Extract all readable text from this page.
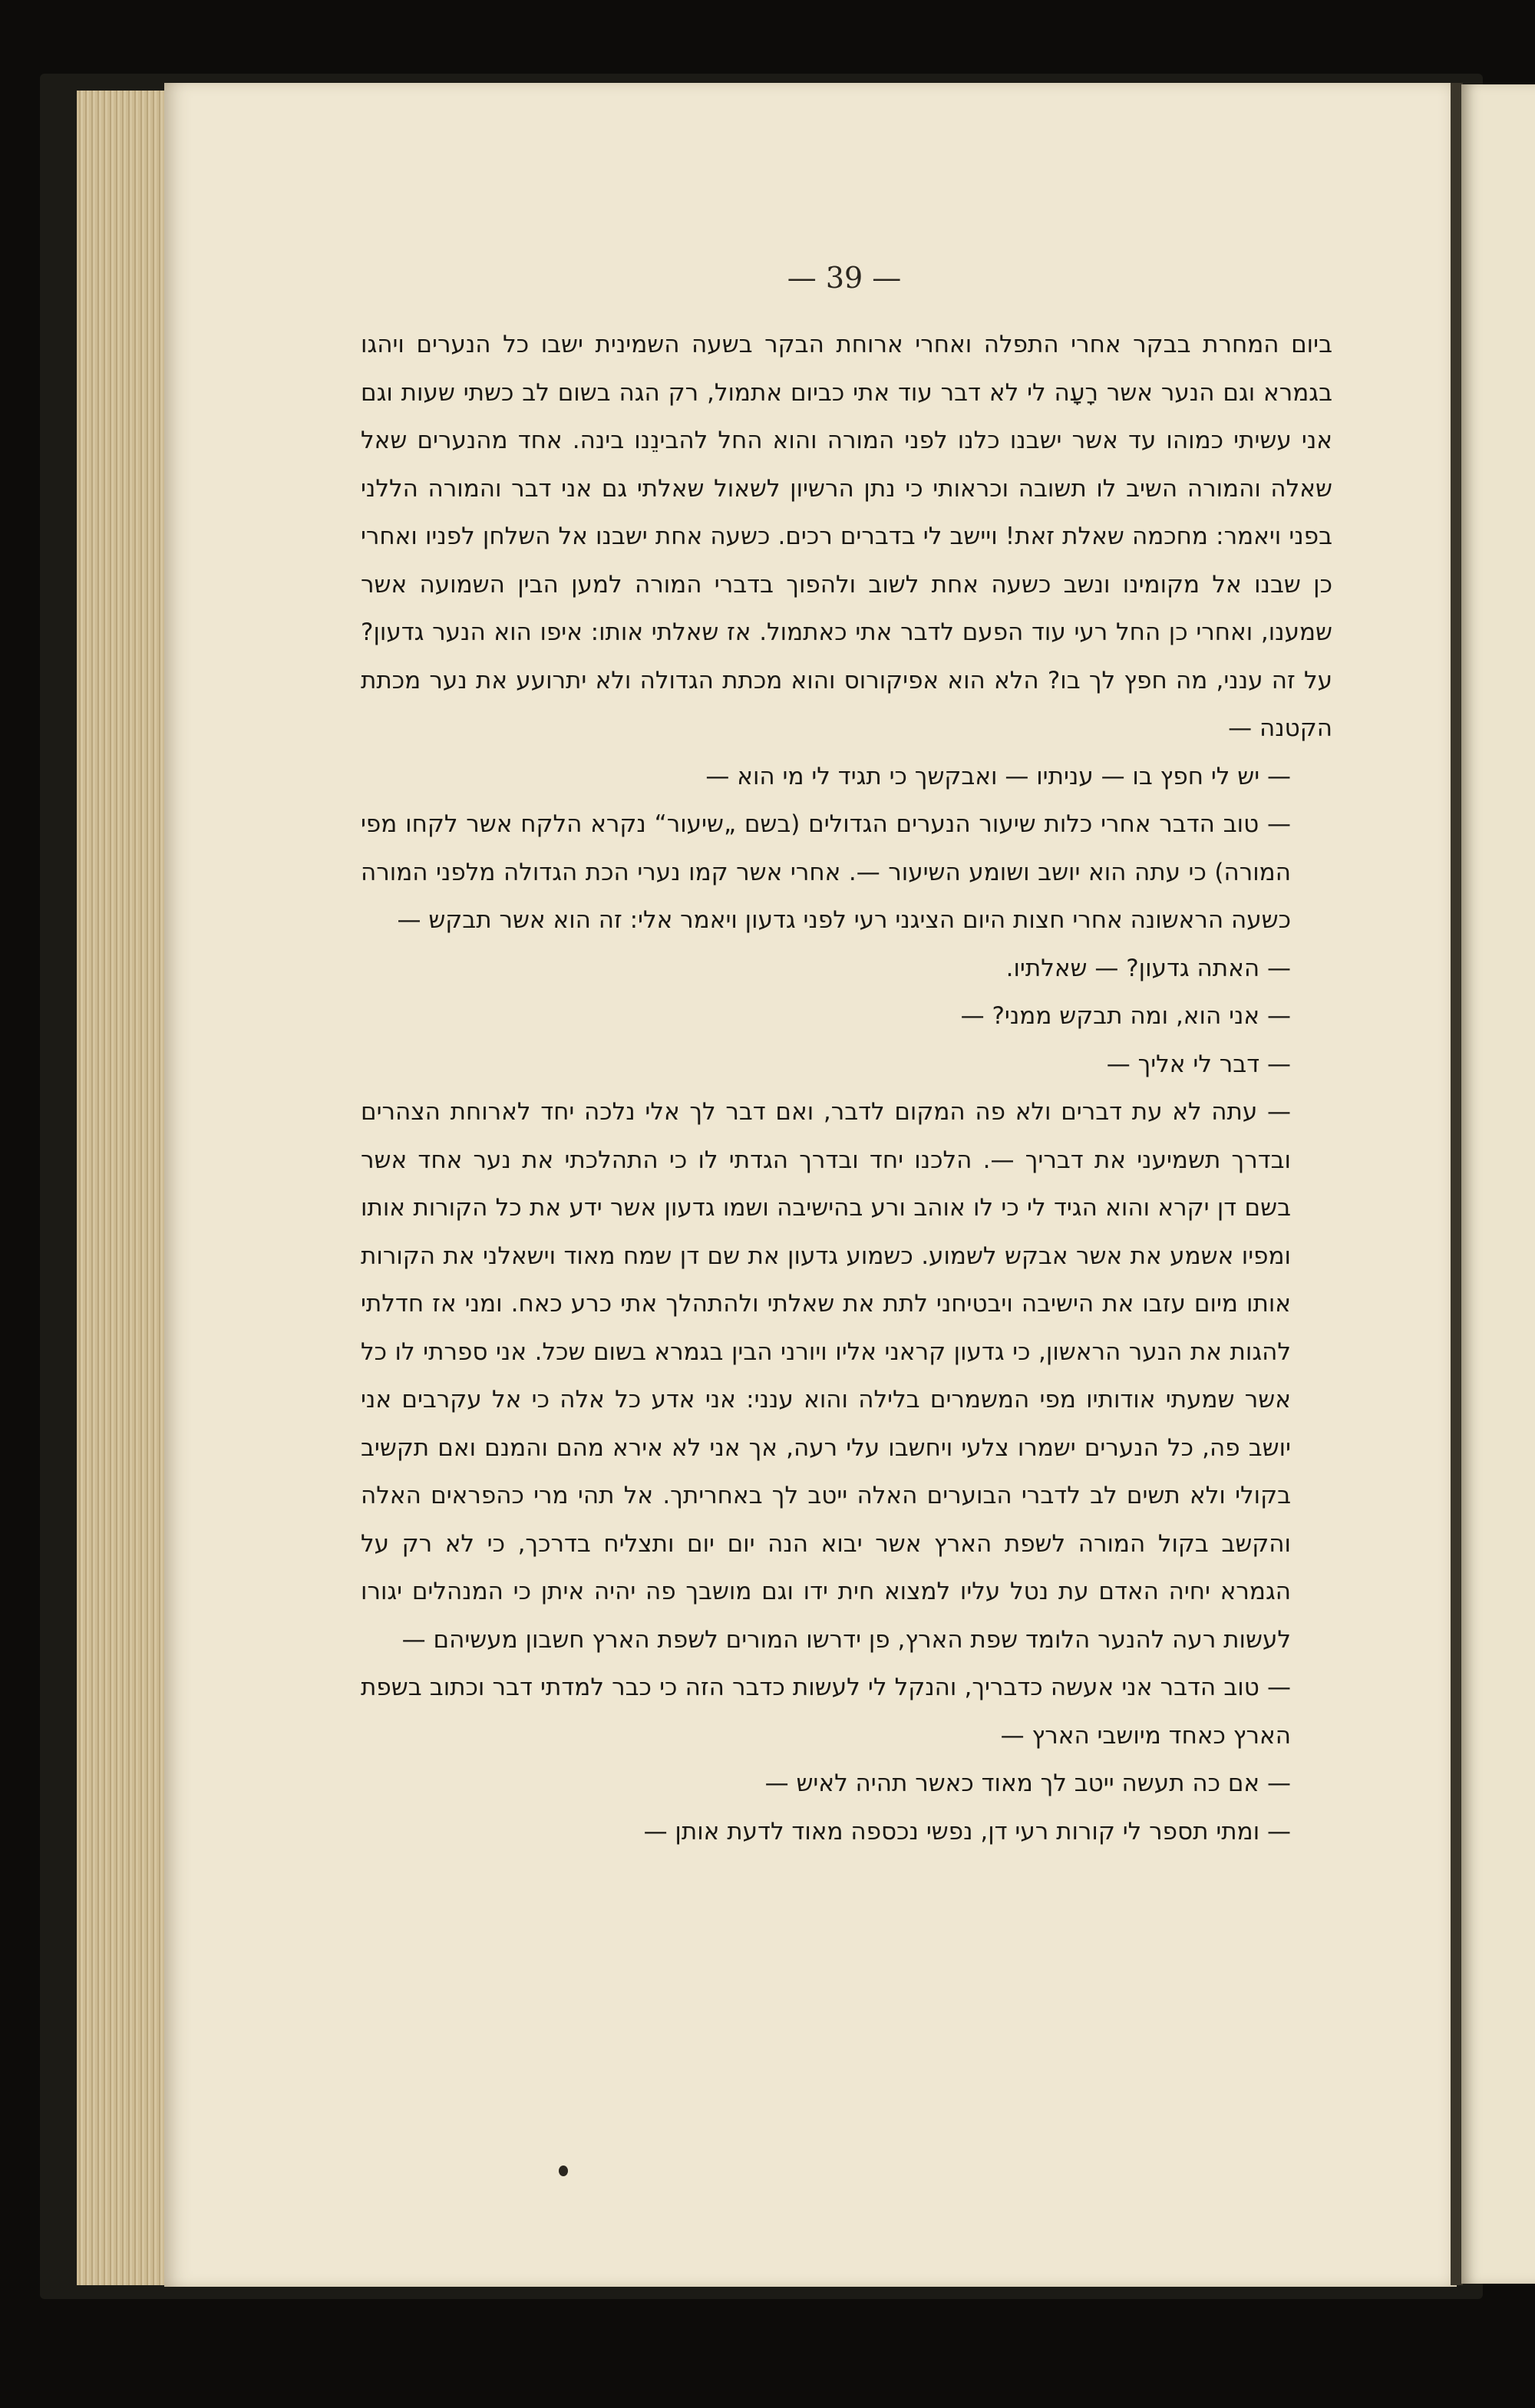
— 39 —

ביום המחרת בבקר אחרי התפלה ואחרי ארוחת הבקר בשעה השמינית ישבו כל הנערים ויהגו בגמרא וגם הנער אשר רָעָה לי לא דבר עוד אתי כביום אתמול, רק הגה בשום לב כשתי שעות וגם אני עשיתי כמוהו עד אשר ישבנו כלנו לפני המורה והוא החל להבינֵנו בינה. אחד מהנערים שאל שאלה והמורה השיב לו תשובה וכראותי כי נתן הרשיון לשאול שאלתי גם אני דבר והמורה הללני בפני ויאמר: מחכמה שאלת זאת! ויישב לי בדברים רכים. כשעה אחת ישבנו אל השלחן לפניו ואחרי כן שבנו אל מקומינו ונשב כשעה אחת לשוב ולהפוך בדברי המורה למען הבין השמועה אשר שמענו, ואחרי כן החל רעי עוד הפעם לדבר אתי כאתמול. אז שאלתי אותו: איפו הוא הנער גדעון? על זה ענני, מה חפץ לך בו? הלא הוא אפיקורוס והוא מכתת הגדולה ולא יתרועע את נער מכתת הקטנה —

— יש לי חפץ בו — עניתיו — ואבקשך כי תגיד לי מי הוא —

— טוב הדבר אחרי כלות שיעור הנערים הגדולים (בשם „שיעור“ נקרא הלקח אשר לקחו מפי המורה) כי עתה הוא יושב ושומע השיעור —. אחרי אשר קמו נערי הכת הגדולה מלפני המורה כשעה הראשונה אחרי חצות היום הציגני רעי לפני גדעון ויאמר אלי: זה הוא אשר תבקש —

— האתה גדעון? — שאלתיו.

— אני הוא, ומה תבקש ממני? —

— דבר לי אליך —

— עתה לא עת דברים ולא פה המקום לדבר, ואם דבר לך אלי נלכה יחד לארוחת הצהרים ובדרך תשמיעני את דבריך —. הלכנו יחד ובדרך הגדתי לו כי התהלכתי את נער אחד אשר בשם דן יקרא והוא הגיד לי כי לו אוהב ורע בהישיבה ושמו גדעון אשר ידע את כל הקורות אותו ומפיו אשמע את אשר אבקש לשמוע. כשמוע גדעון את שם דן שמח מאוד וישאלני את הקורות אותו מיום עזבו את הישיבה ויבטיחני לתת את שאלתי ולהתהלך אתי כרע כאח. ומני אז חדלתי להגות את הנער הראשון, כי גדעון קראני אליו ויורני הבין בגמרא בשום שכל. אני ספרתי לו כל אשר שמעתי אודותיו מפי המשמרים בלילה והוא ענני: אני אדע כל אלה כי אל עקרבים אני יושב פה, כל הנערים ישמרו צלעי ויחשבו עלי רעה, אך אני לא אירא מהם והמנם ואם תקשיב בקולי ולא תשים לב לדברי הבוערים האלה ייטב לך באחריתך. אל תהי מרי כהפראים האלה והקשב בקול המורה לשפת הארץ אשר יבוא הנה יום יום ותצליח בדרכך, כי לא רק על הגמרא יחיה האדם עת נטל עליו למצוא חית ידו וגם מושבך פה יהיה איתן כי המנהלים יגורו לעשות רעה להנער הלומד שפת הארץ, פן ידרשו המורים לשפת הארץ חשבון מעשיהם —

— טוב הדבר אני אעשה כדבריך, והנקל לי לעשות כדבר הזה כי כבר למדתי דבר וכתוב בשפת הארץ כאחד מיושבי הארץ —

— אם כה תעשה ייטב לך מאוד כאשר תהיה לאיש —

— ומתי תספר לי קורות רעי דן, נפשי נכספה מאוד לדעת אותן —
